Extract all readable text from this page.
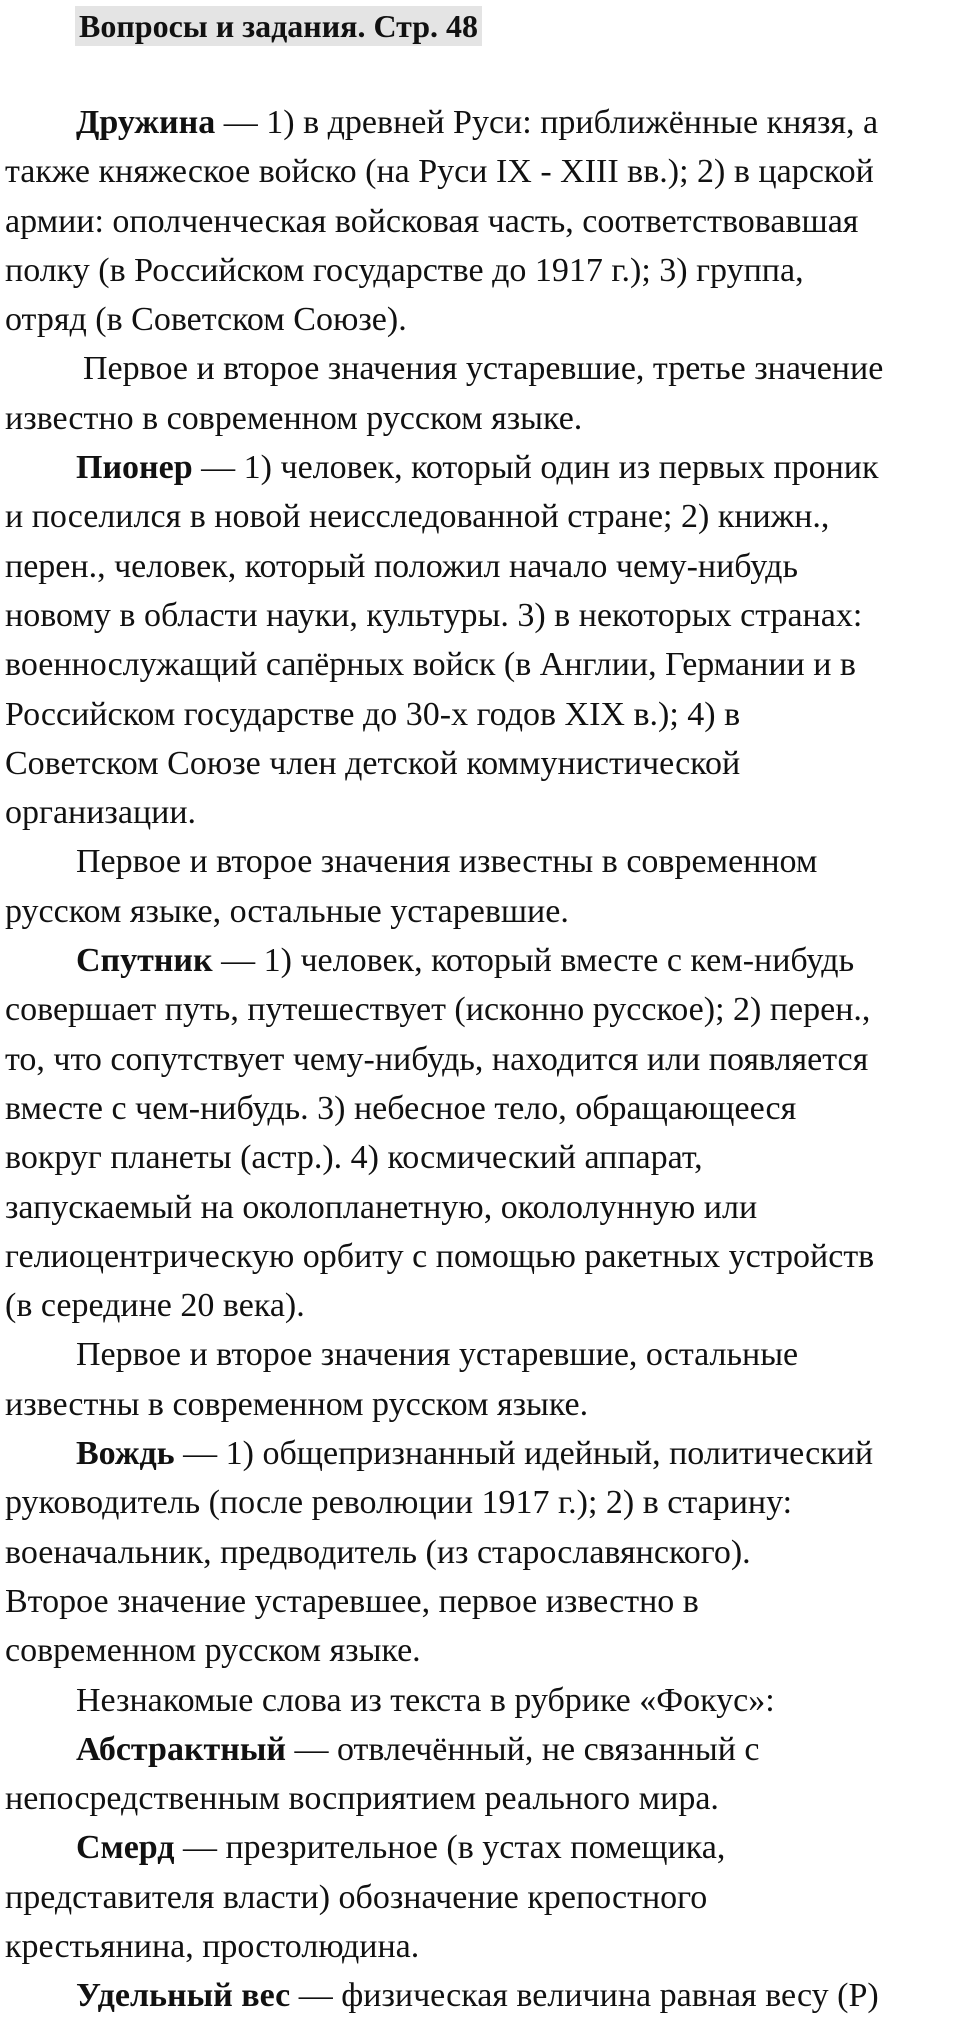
Вопросы и задания. Стр. 48
Дружина — 1) в древней Руси: приближённые князя, а
также княжеское войско (на Руси IX - XIII вв.); 2) в царской
армии: ополченческая войсковая часть, соответствовавшая
полку (в Российском государстве до 1917 г.); 3) группа,
отряд (в Советском Союзе).
Первое и второе значения устаревшие, третье значение
известно в современном русском языке.
Пионер — 1) человек, который один из первых проник
и поселился в новой неисследованной стране; 2) книжн.,
перен., человек, который положил начало чему-нибудь
новому в области науки, культуры. 3) в некоторых странах:
военнослужащий сапёрных войск (в Англии, Германии и в
Российском государстве до 30-х годов XIX в.); 4) в
Советском Союзе член детской коммунистической
организации.
Первое и второе значения известны в современном
русском языке, остальные устаревшие.
Спутник — 1) человек, который вместе с кем-нибудь
совершает путь, путешествует (исконно русское); 2) перен.,
то, что сопутствует чему-нибудь, находится или появляется
вместе с чем-нибудь. 3) небесное тело, обращающееся
вокруг планеты (астр.). 4) космический аппарат,
запускаемый на околопланетную, окололунную или
гелиоцентрическую орбиту с помощью ракетных устройств
(в середине 20 века).
Первое и второе значения устаревшие, остальные
известны в современном русском языке.
Вождь — 1) общепризнанный идейный, политический
руководитель (после революции 1917 г.); 2) в старину:
военачальник, предводитель (из старославянского).
Второе значение устаревшее, первое известно в
современном русском языке.
Незнакомые слова из текста в рубрике «Фокус»:
Абстрактный — отвлечённый, не связанный с
непосредственным восприятием реального мира.
Смерд — презрительное (в устах помещика,
представителя власти) обозначение крепостного
крестьянина, простолюдина.
Удельный вес — физическая величина равная весу (P)
